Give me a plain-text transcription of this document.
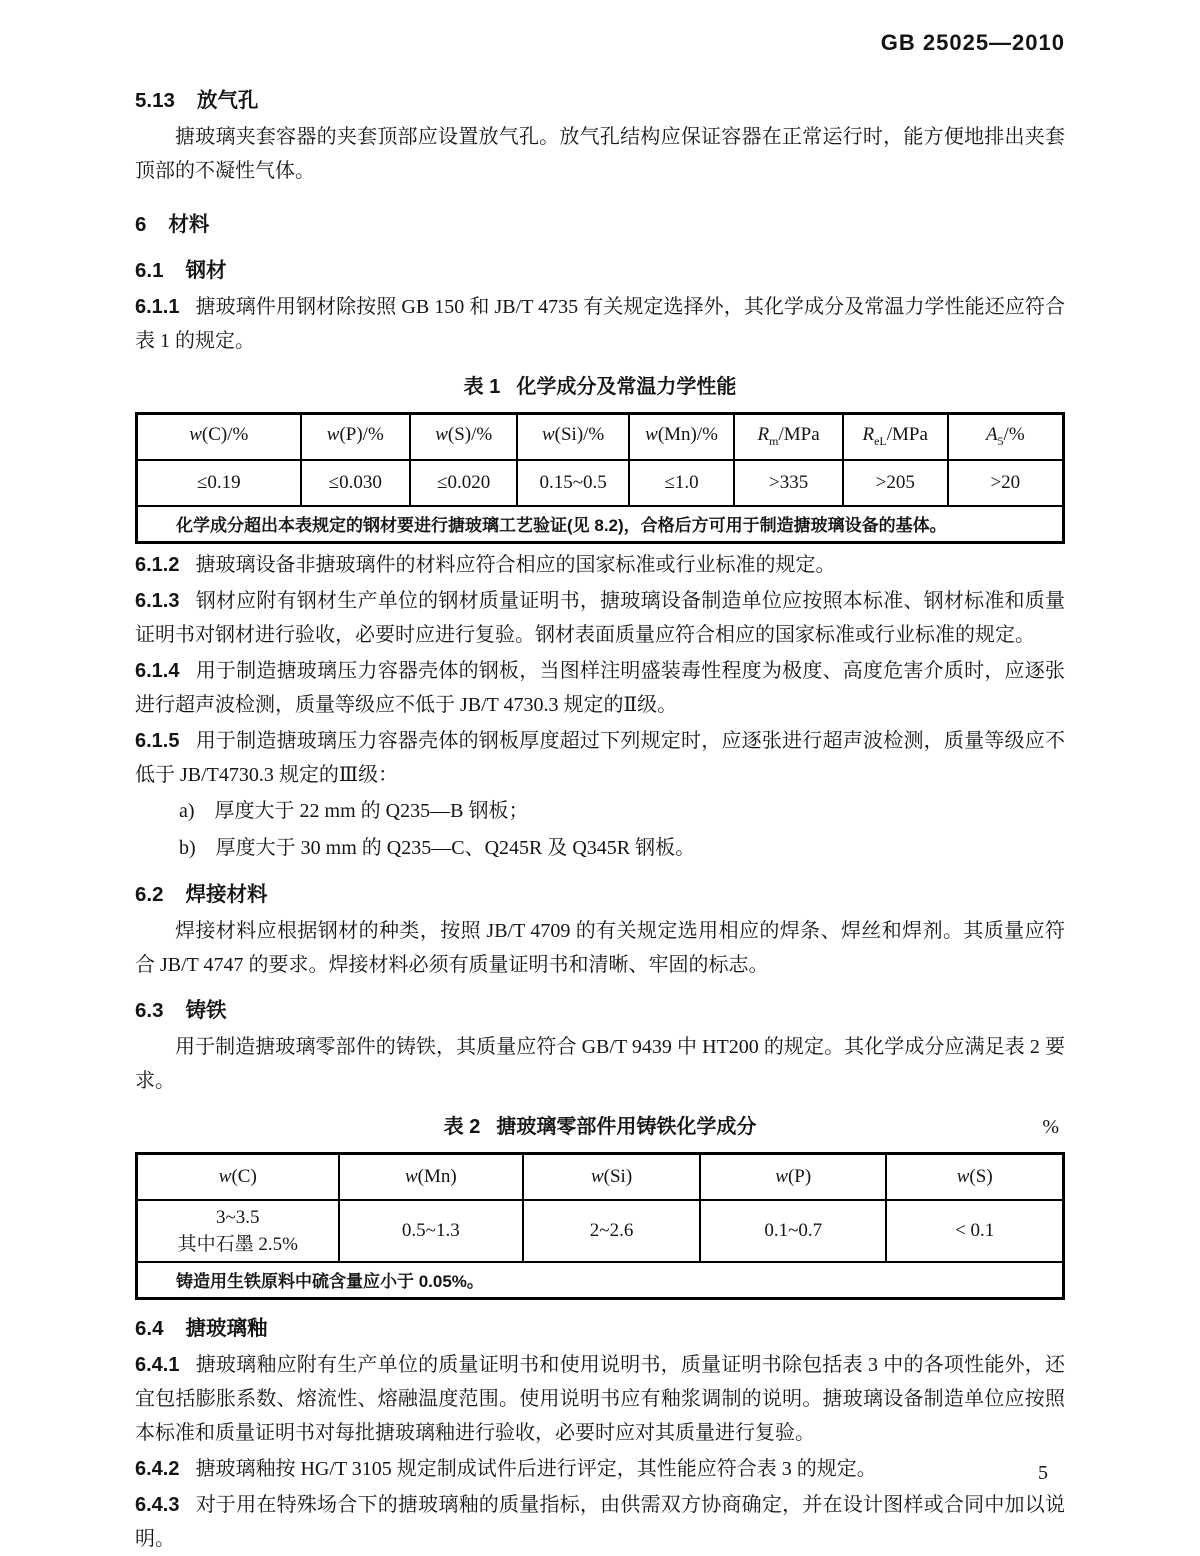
GB 25025—2010
5.13 放气孔

搪玻璃夹套容器的夹套顶部应设置放气孔。放气孔结构应保证容器在正常运行时，能方便地排出夹套顶部的不凝性气体。

6 材料
6.1 钢材

6.1.1 搪玻璃件用钢材除按照 GB 150 和 JB/T 4735 有关规定选择外，其化学成分及常温力学性能还应符合表 1 的规定。

表 1 化学成分及常温力学性能
w(C)/%	w(P)/%	w(S)/%	w(Si)/%	w(Mn)/%	$R_m$/MPa	$R_{eL}$/MPa	$A_5/\%$
≤0.19	≤0.030	≤0.020	0.15~0.5	≤1.0	>335	>205	>20
化学成分超出本表规定的钢材要进行搪玻璃工艺验证(见 8.2)，合格后方可用于制造搪玻璃设备的基体。							

6.1.2 搪玻璃设备非搪玻璃件的材料应符合相应的国家标准或行业标准的规定。

6.1.3 钢材应附有钢材生产单位的钢材质量证明书，搪玻璃设备制造单位应按照本标准、钢材标准和质量证明书对钢材进行验收，必要时应进行复验。钢材表面质量应符合相应的国家标准或行业标准的规定。

6.1.4 用于制造搪玻璃压力容器壳体的钢板，当图样注明盛装毒性程度为极度、高度危害介质时，应逐张进行超声波检测，质量等级应不低于 JB/T 4730.3 规定的Ⅱ级。

6.1.5 用于制造搪玻璃压力容器壳体的钢板厚度超过下列规定时，应逐张进行超声波检测，质量等级应不低于 JB/T4730.3 规定的Ⅲ级：

a) 厚度大于 22 mm 的 Q235—B 钢板；

b) 厚度大于 30 mm 的 Q235—C、Q245R 及 Q345R 钢板。

6.2 焊接材料

焊接材料应根据钢材的种类，按照 JB/T 4709 的有关规定选用相应的焊条、焊丝和焊剂。其质量应符合 JB/T 4747 的要求。焊接材料必须有质量证明书和清晰、牢固的标志。

6.3 铸铁

用于制造搪玻璃零部件的铸铁，其质量应符合 GB/T 9439 中 HT200 的规定。其化学成分应满足表 2 要求。

表 2 搪玻璃零部件用铸铁化学成分	%
w(C)	w(Mn)	w(Si)	w(P)	w(S)

3~3.5
其中石墨 2.5%	0.5~1.3	2~2.6	0.1~0.7	< 0.1
铸造用生铁原料中硫含量应小于 0.05%。				
6.4 搪玻璃釉

6.4.1 搪玻璃釉应附有生产单位的质量证明书和使用说明书，质量证明书除包括表 3 中的各项性能外，还宜包括膨胀系数、熔流性、熔融温度范围。使用说明书应有釉浆调制的说明。搪玻璃设备制造单位应按照本标准和质量证明书对每批搪玻璃釉进行验收，必要时应对其质量进行复验。

6.4.2 搪玻璃釉按 HG/T 3105 规定制成试件后进行评定，其性能应符合表 3 的规定。

6.4.3 对于用在特殊场合下的搪玻璃釉的质量指标，由供需双方协商确定，并在设计图样或合同中加以说明。

5
